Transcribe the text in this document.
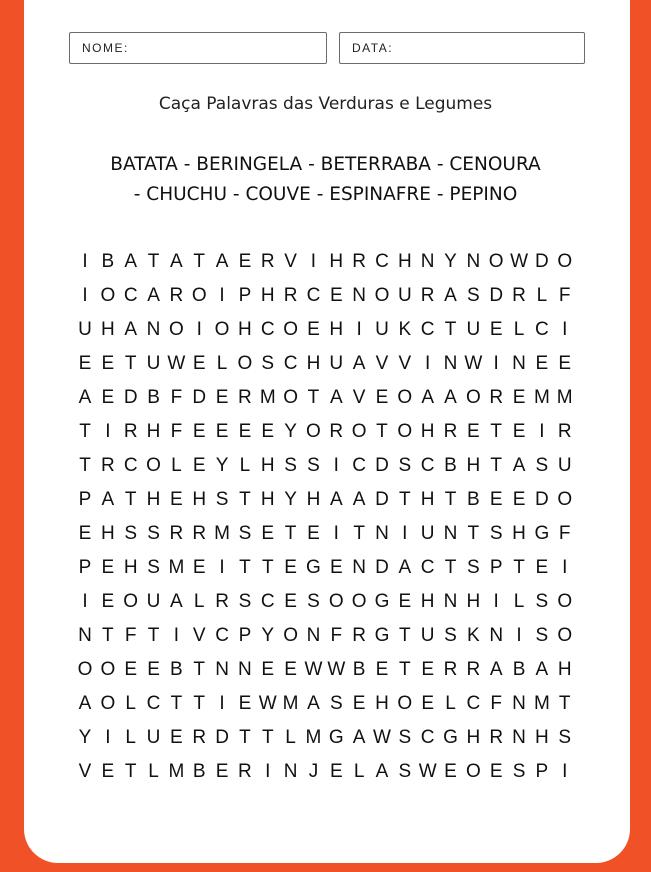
NOME:	DATA:
Caça Palavras das Verduras e Legumes
BATATA - BERINGELA - BETERRABA - CENOURA
- CHUCHU - COUVE - ESPINAFRE - PEPINO
I B A T A T A E R V I H R C H N Y N O W D O
I O C A R O I P H R C E N O U R A S D R L F
U H A N O I O H C O E H I U K C T U E L C I
E E T U W E L O S C H U A V V I N W I N E E
A E D B F D E R M O T A V E O A A O R E M M
T I R H F E E E E Y O R O T O H R E T E I R
T R C O L E Y L H S S I C D S C B H T A S U
P A T H E H S T H Y H A A D T H T B E E D O
E H S S R R M S E T E I T N I U N T S H G F
P E H S M E I T T E G E N D A C T S P T E I
I E O U A L R S C E S O O G E H N H I L S O
N T F T I V C P Y O N F R G T U S K N I S O
O O E E B T N N E E W W B E T E R R A B A H
A O L C T T I E W M A S E H O E L C F N M T
Y I L U E R D T T L M G A W S C G H R N H S
V E T L M B E R I N J E L A S W E O E S P I
